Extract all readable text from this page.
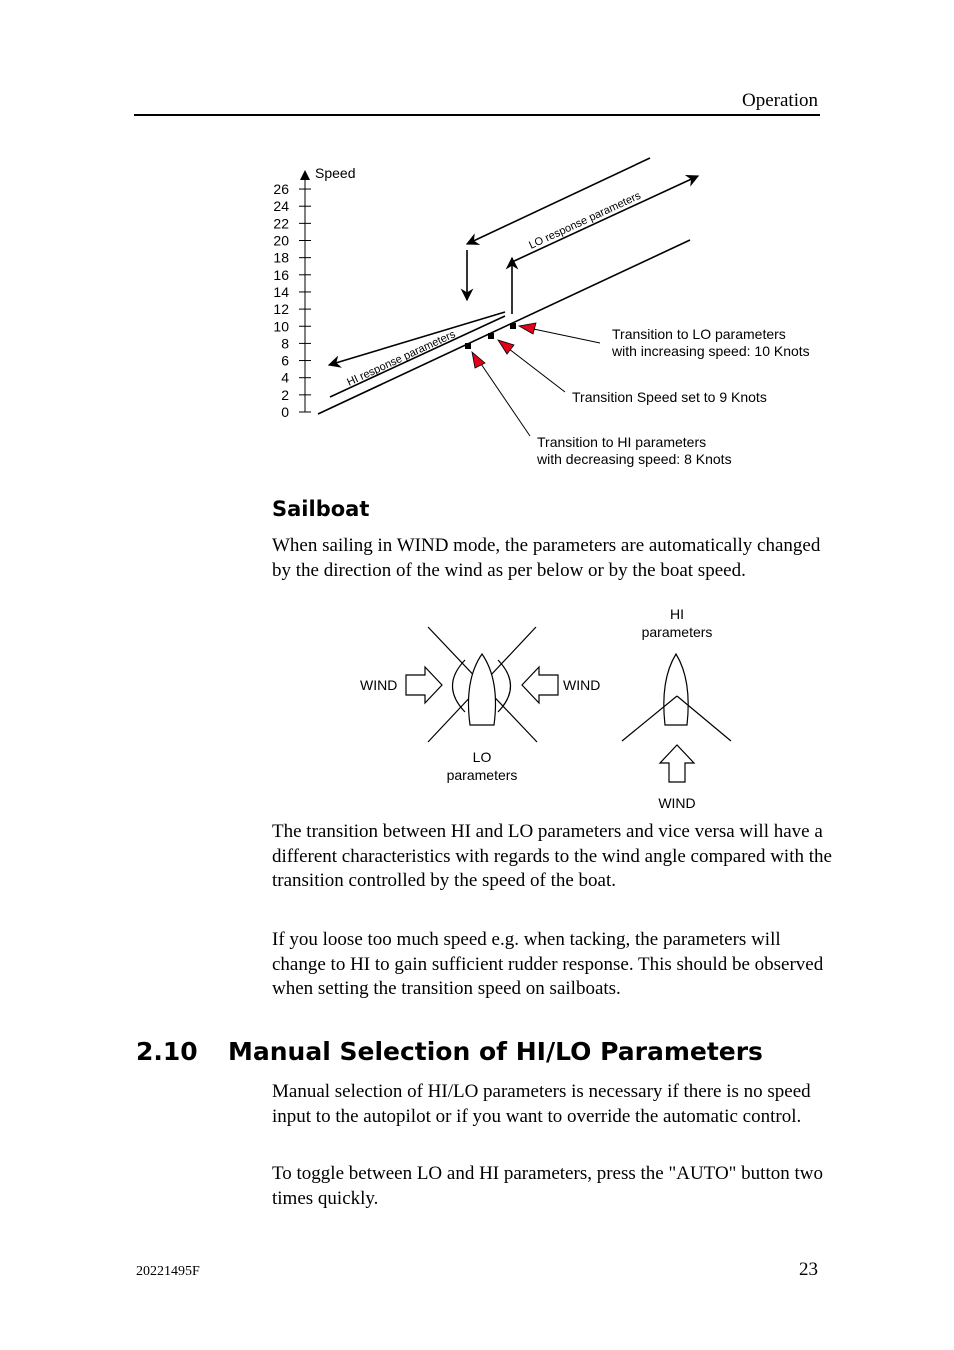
Operation
Speed
0
2
4
6
8
10
12
14
16
18
20
22
24
26
HI response parameters
LO response parameters
Transition to LO parameters
with increasing speed: 10 Knots
Transition Speed set to 9 Knots
Transition to HI parameters
with decreasing speed: 8 Knots
Sailboat

When sailing in WIND mode, the parameters are automatically changed by the direction of the wind as per below or by the boat speed.

WIND	WIND
LO
parameters
HI
parameters
WIND

The transition between HI and LO parameters and vice versa will have a different characteristics with regards to the wind angle compared with the transition controlled by the speed of the boat.

If you loose too much speed e.g. when tacking, the parameters will change to HI to gain sufficient rudder response. This should be observed when setting the transition speed on sailboats.

2.10 Manual Selection of HI/LO Parameters

Manual selection of HI/LO parameters is necessary if there is no speed input to the autopilot or if you want to override the automatic control.

To toggle between LO and HI parameters, press the "AUTO" button two times quickly.

20221495F	23
